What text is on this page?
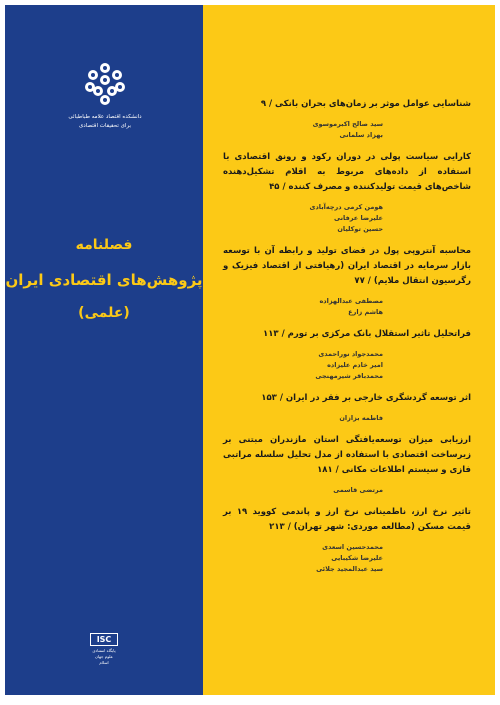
دانشکده اقتصاد علامه طباطبائی
برای تحقیقات اقتصادی
فصلنامه
پژوهش‌های اقتصادی ایران
(علمی)
ISC
پایگاه استنادی علوم جهان اسلام
شناسایی عوامل موثر بر زمان‌های بحران بانکی / ۹
سید صالح اکبرموسوی
بهزاد سلمانی
کارایی سیاست پولی در دوران رکود و رونق اقتصادی با استفاده از داده‌های مربوط به اقلام تشکیل‌دهنده شاخص‌های قیمت تولیدکننده و مصرف کننده / ۴۵
هومن کرمی درچه‌آبادی
علیرضا عرفانی
حسین توکلیان
محاسبه آنتروپی پول در فضای تولید و رابطه آن با توسعه بازار سرمایه در اقتصاد ایران (رهیافتی از اقتصاد فیزیک و رگرسیون انتقال ملایم) / ۷۷
مصطفی عبدالهزاده
هاشم زارع
فراتحلیل تاثیر استقلال بانک مرکزی بر تورم / ۱۱۳
محمدجواد نوراحمدی
امیر خادم علیزاده
محمدباقر شیرمهنجی
اثر توسعه گردشگری خارجی بر فقر در ایران / ۱۵۳
فاطمه بزازان
ارزیابی میزان توسعه‌یافتگی استان مازندران مبتنی بر زیرساخت اقتصادی با استفاده از مدل تحلیل سلسله مراتبی فازی و سیستم اطلاعات مکانی / ۱۸۱
مرتضی قاسمی
تاثیر نرخ ارز، ناطمینانی نرخ ارز و پاندمی کووید ۱۹ بر قیمت مسکن (مطالعه موردی: شهر تهران) / ۲۱۳
محمدحسین اسعدی
علیرضا شکیبایی
سید عبدالمجید جلائی
